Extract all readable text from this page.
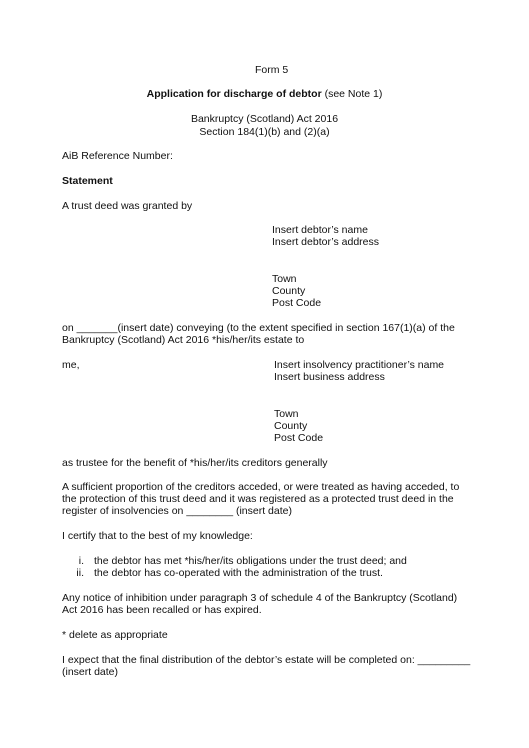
Form 5
Application for discharge of debtor (see Note 1)
Bankruptcy (Scotland) Act 2016
Section 184(1)(b) and (2)(a)
AiB Reference Number:
Statement
A trust deed was granted by
Insert debtor’s name
Insert debtor’s address
Town
County
Post Code
on _______(insert date) conveying (to the extent specified in section 167(1)(a) of the
Bankruptcy (Scotland) Act 2016 *his/her/its estate to
me,	Insert insolvency practitioner’s name
Insert business address
Town
County
Post Code
as trustee for the benefit of *his/her/its creditors generally
A sufficient proportion of the creditors acceded, or were treated as having acceded, to
the protection of this trust deed and it was registered as a protected trust deed in the
register of insolvencies on ________ (insert date)
I certify that to the best of my knowledge:
i. the debtor has met *his/her/its obligations under the trust deed; and
ii. the debtor has co-operated with the administration of the trust.
Any notice of inhibition under paragraph 3 of schedule 4 of the Bankruptcy (Scotland)
Act 2016 has been recalled or has expired.
* delete as appropriate
I expect that the final distribution of the debtor’s estate will be completed on: _________
(insert date)
